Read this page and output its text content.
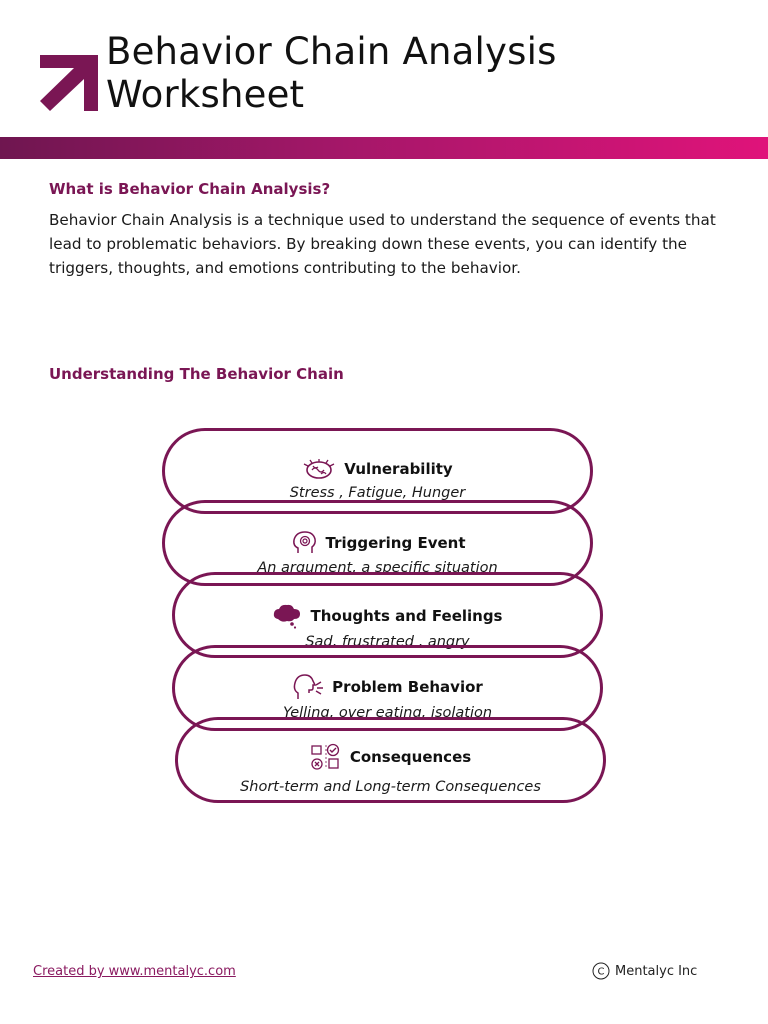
Behavior Chain Analysis
Worksheet
What is Behavior Chain Analysis?

Behavior Chain Analysis is a technique used to understand the sequence of events that lead to problematic behaviors. By breaking down these events, you can identify the triggers, thoughts, and emotions contributing to the behavior.

Understanding The Behavior Chain
Vulnerability
Stress , Fatigue, Hunger
Triggering Event
An argument, a specific situation
Thoughts and Feelings
Sad, frustrated , angry
Problem Behavior
Yelling, over eating, isolation
Consequences
Short-term and Long-term Consequences
Created by www.mentalyc.com	C Mentalyc Inc
